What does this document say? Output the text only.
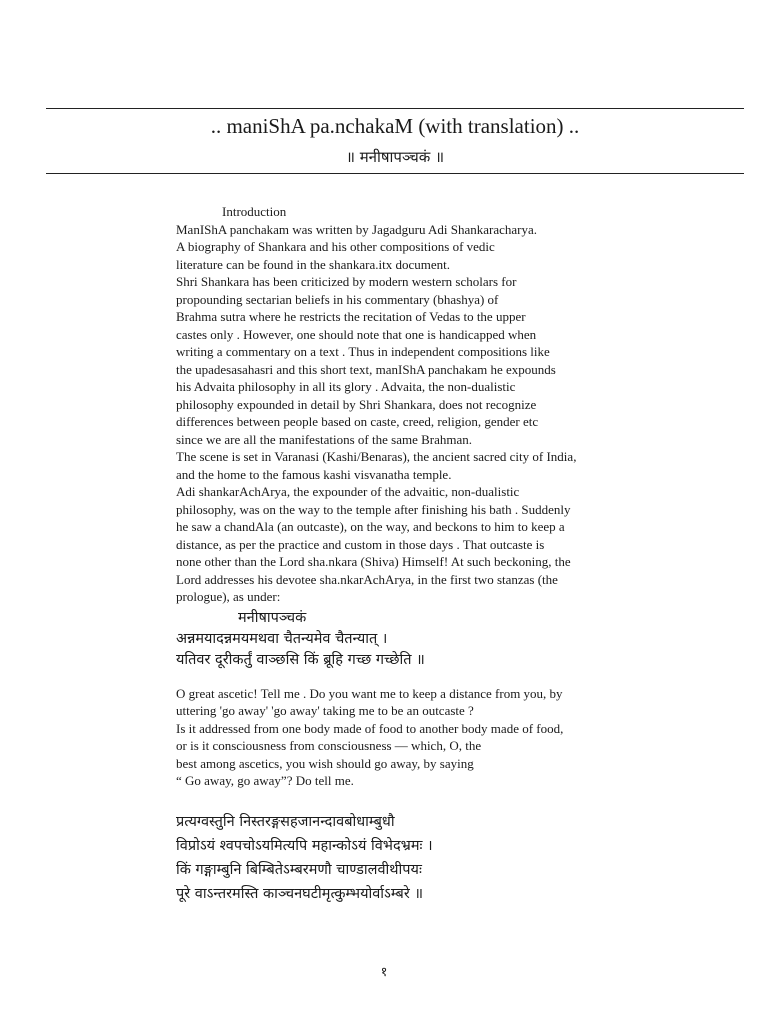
.. maniShA pa.nchakaM (with translation) ..
॥ मनीषापञ्चकं ॥
Introduction
ManIShA panchakam was written by Jagadguru Adi Shankaracharya.
A biography of Shankara and his other compositions of vedic
literature can be found in the shankara.itx document.
Shri Shankara has been criticized by modern western scholars for
propounding sectarian beliefs in his commentary (bhashya) of
Brahma sutra where he restricts the recitation of Vedas to the upper
castes only . However, one should note that one is handicapped when
writing a commentary on a text . Thus in independent compositions like
the upadesasahasri and this short text, manIShA panchakam he expounds
his Advaita philosophy in all its glory . Advaita, the non-dualistic
philosophy expounded in detail by Shri Shankara, does not recognize
differences between people based on caste, creed, religion, gender etc
since we are all the manifestations of the same Brahman.
The scene is set in Varanasi (Kashi/Benaras), the ancient sacred city of India,
and the home to the famous kashi visvanatha temple.
Adi shankarAchArya, the expounder of the advaitic, non-dualistic
philosophy, was on the way to the temple after finishing his bath . Suddenly
he saw a chandAla (an outcaste), on the way, and beckons to him to keep a
distance, as per the practice and custom in those days . That outcaste is
none other than the Lord sha.nkara (Shiva) Himself! At such beckoning, the
Lord addresses his devotee sha.nkarAchArya, in the first two stanzas (the
prologue), as under:
मनीषापञ्चकं
अन्नमयादन्नमयमथवा चैतन्यमेव चैतन्यात् ।
यतिवर दूरीकर्तुं वाञ्छसि किं ब्रूहि गच्छ गच्छेति ॥
O great ascetic! Tell me . Do you want me to keep a distance from you, by
uttering 'go away' 'go away' taking me to be an outcaste ?
Is it addressed from one body made of food to another body made of food,
or is it consciousness from consciousness — which, O, the
best among ascetics, you wish should go away, by saying
“ Go away, go away”? Do tell me.
प्रत्यग्वस्तुनि निस्तरङ्गसहजानन्दावबोधाम्बुधौ
विप्रोऽयं श्वपचोऽयमित्यपि महान्कोऽयं विभेदभ्रमः ।
किं गङ्गाम्बुनि बिम्बितेऽम्बरमणौ चाण्डालवीथीपयः
पूरे वाऽन्तरमस्ति काञ्चनघटीमृत्कुम्भयोर्वाऽम्बरे ॥
१
